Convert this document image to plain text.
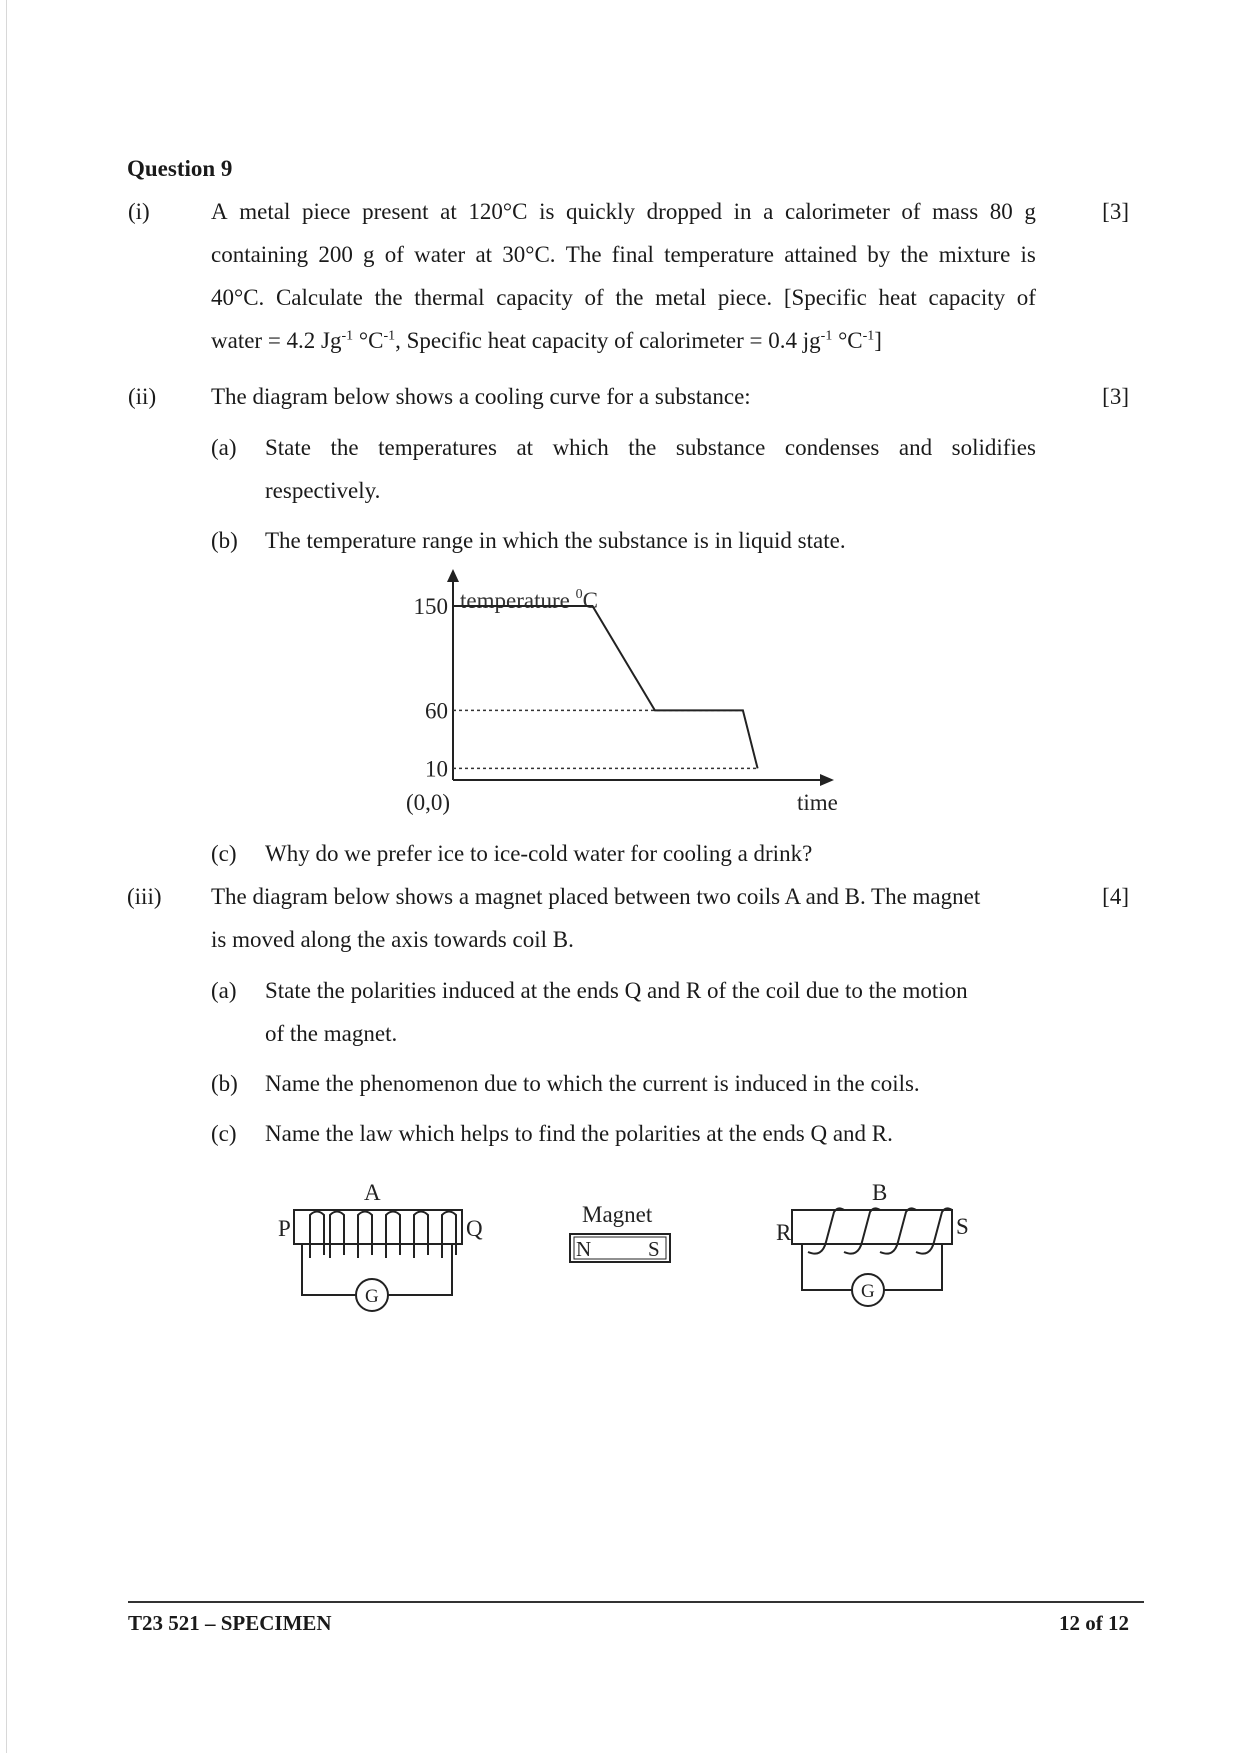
Question 9
(i)	A metal piece present at 120°C is quickly dropped in a calorimeter of mass 80 g
containing 200 g of water at 30°C. The final temperature attained by the mixture is
40°C. Calculate the thermal capacity of the metal piece. [Specific heat capacity of
water = 4.2 $Jg^{-1}$ $^\circ C^{-1}$, Specific heat capacity of calorimeter = 0.4 $jg^{-1}$ $^\circ C^{-1}$]
[3]
(ii) The diagram below shows a cooling curve for a substance:	[3]
(a) State the temperatures at which the substance condenses and solidifies
respectively.
(b) The temperature range in which the substance is in liquid state.
temperature $^0$C
150
60
10
(0,0)	time
(c) Why do we prefer ice to ice-cold water for cooling a drink?
(iii) The diagram below shows a magnet placed between two coils A and B. The magnet
is moved along the axis towards coil B.
[4]
(a) State the polarities induced at the ends Q and R of the coil due to the motion
of the magnet.
(b) Name the phenomenon due to which the current is induced in the coils.
(c) Name the law which helps to find the polarities at the ends Q and R.
A
P	Q
G
Magnet
N	S
B
R	S
G
T23 521 – SPECIMEN	12 of 12
